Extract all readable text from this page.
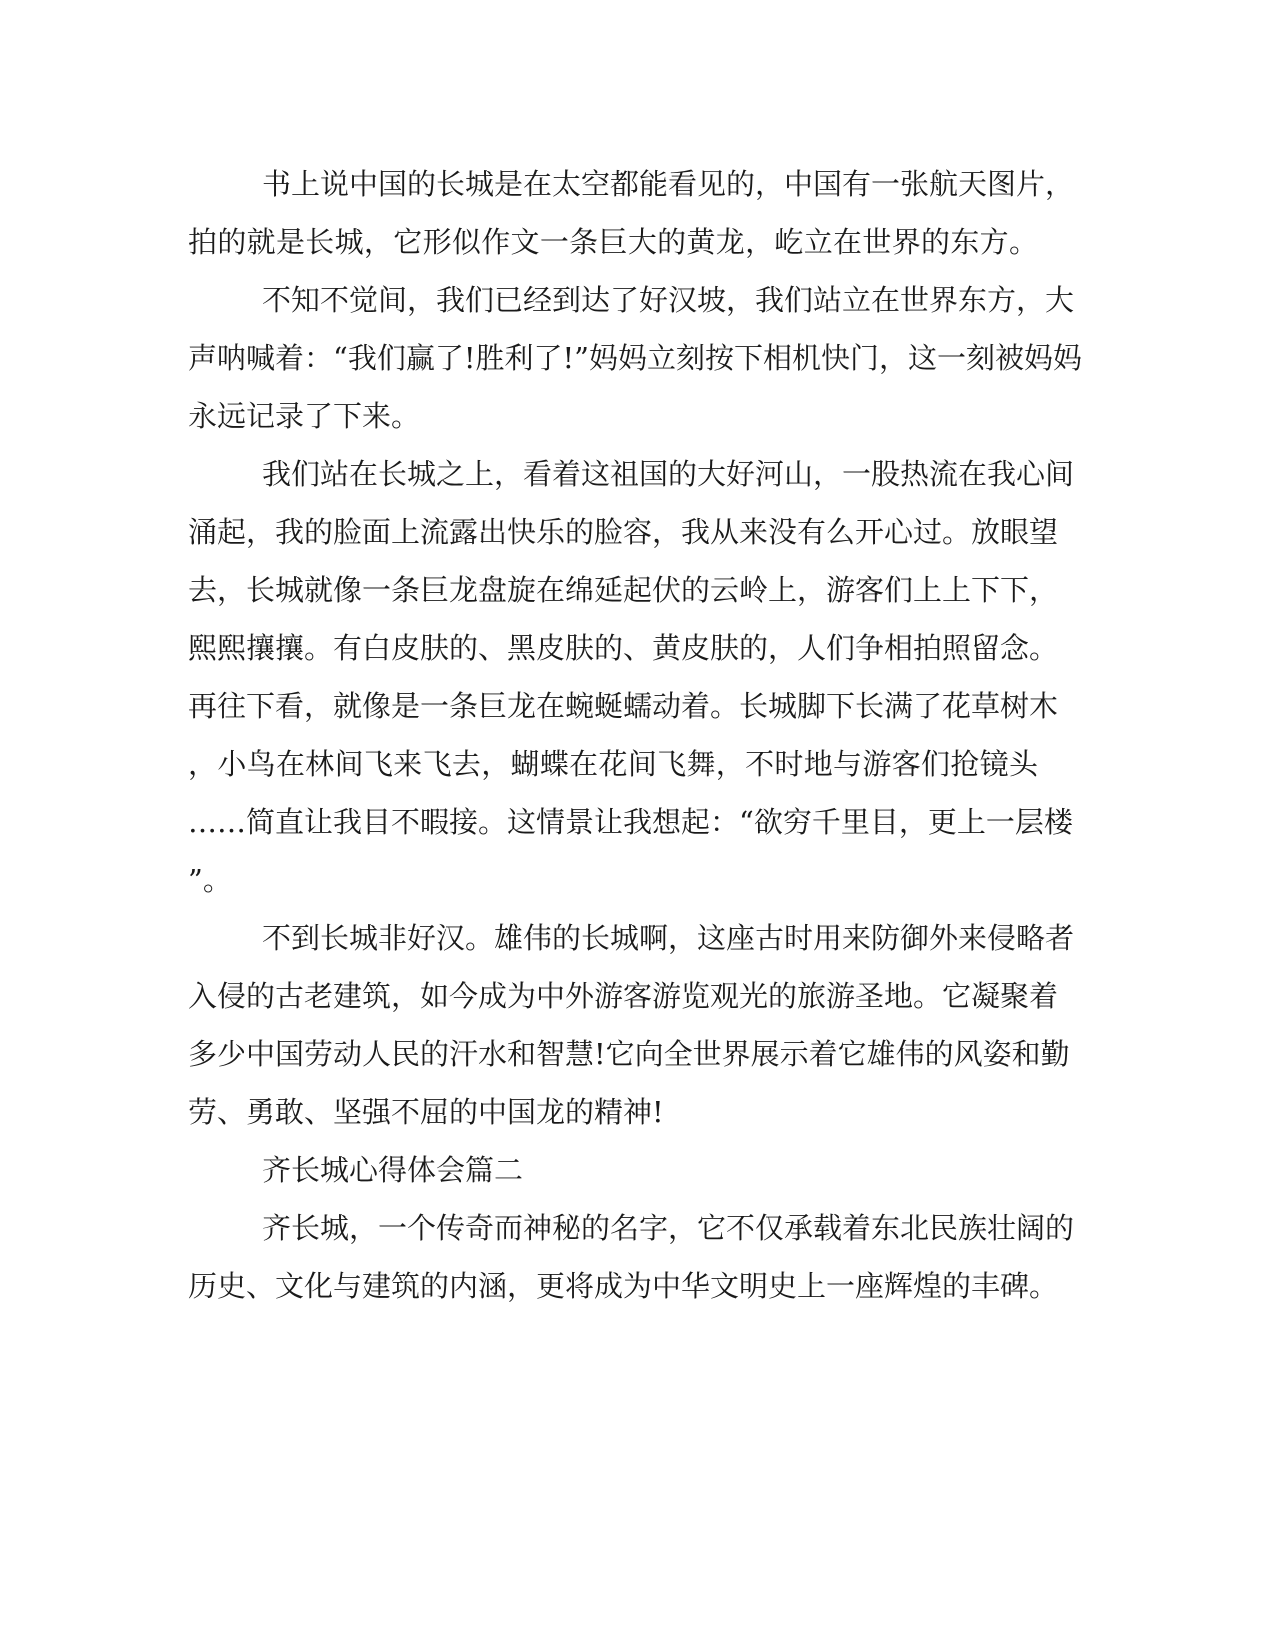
书上说中国的长城是在太空都能看见的，中国有一张航天图片，

拍的就是长城，它形似作文一条巨大的黄龙，屹立在世界的东方。

不知不觉间，我们已经到达了好汉坡，我们站立在世界东方，大

声呐喊着：“我们赢了!胜利了!”妈妈立刻按下相机快门，这一刻被妈妈

永远记录了下来。

我们站在长城之上，看着这祖国的大好河山，一股热流在我心间

涌起，我的脸面上流露出快乐的脸容，我从来没有么开心过。放眼望

去，长城就像一条巨龙盘旋在绵延起伏的云岭上，游客们上上下下，

熙熙攘攘。有白皮肤的、黑皮肤的、黄皮肤的，人们争相拍照留念。

再往下看，就像是一条巨龙在蜿蜒蠕动着。长城脚下长满了花草树木

，小鸟在林间飞来飞去，蝴蝶在花间飞舞，不时地与游客们抢镜头

……简直让我目不暇接。这情景让我想起：“欲穷千里目，更上一层楼

”。

不到长城非好汉。雄伟的长城啊，这座古时用来防御外来侵略者

入侵的古老建筑，如今成为中外游客游览观光的旅游圣地。它凝聚着

多少中国劳动人民的汗水和智慧!它向全世界展示着它雄伟的风姿和勤

劳、勇敢、坚强不屈的中国龙的精神!

齐长城心得体会篇二

齐长城，一个传奇而神秘的名字，它不仅承载着东北民族壮阔的

历史、文化与建筑的内涵，更将成为中华文明史上一座辉煌的丰碑。
